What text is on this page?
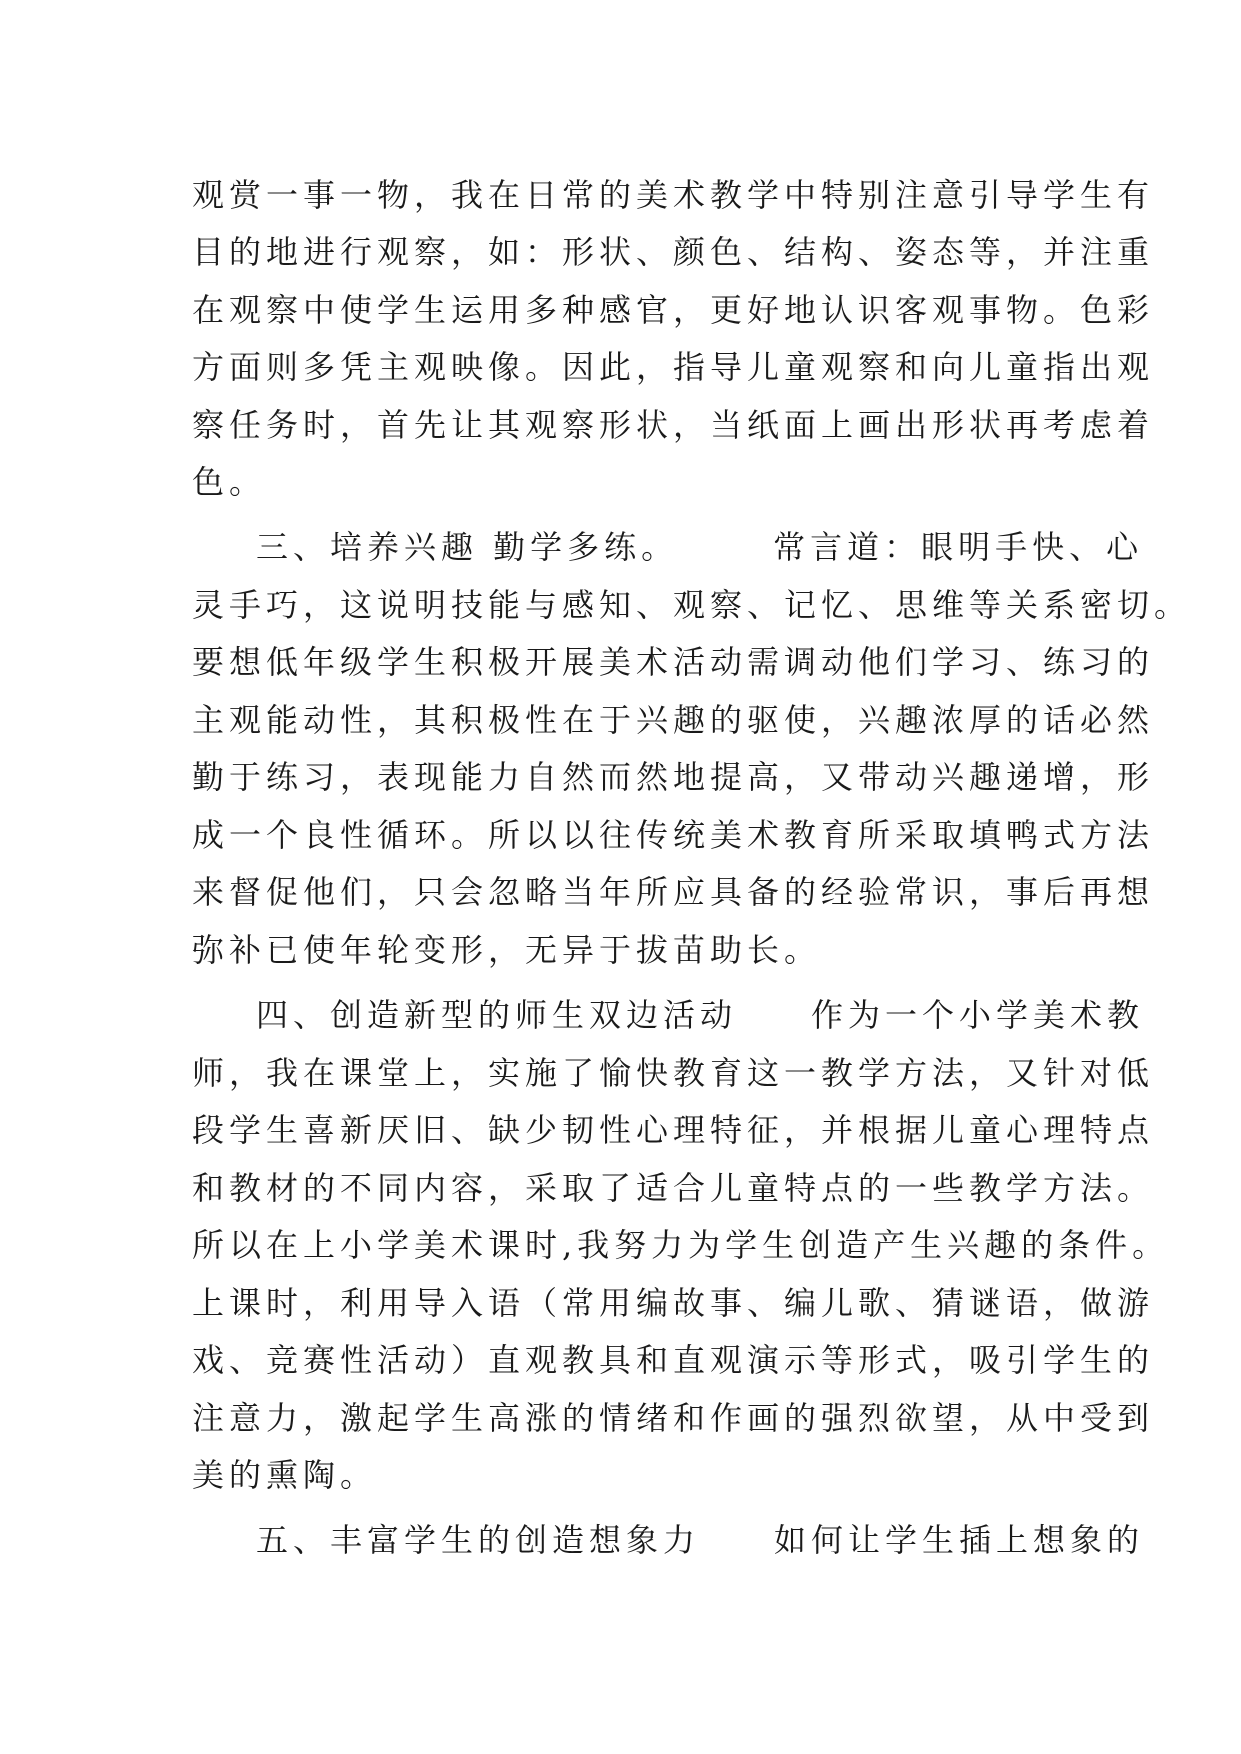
观赏一事一物，我在日常的美术教学中特别注意引导学生有
目的地进行观察，如：形状、颜色、结构、姿态等，并注重
在观察中使学生运用多种感官，更好地认识客观事物。色彩
方面则多凭主观映像。因此，指导儿童观察和向儿童指出观
察任务时，首先让其观察形状，当纸面上画出形状再考虑着
色。
三、培养兴趣 勤学多练。　　　常言道：眼明手快、心
灵手巧，这说明技能与感知、观察、记忆、思维等关系密切。
要想低年级学生积极开展美术活动需调动他们学习、练习的
主观能动性，其积极性在于兴趣的驱使，兴趣浓厚的话必然
勤于练习，表现能力自然而然地提高，又带动兴趣递增，形
成一个良性循环。所以以往传统美术教育所采取填鸭式方法
来督促他们，只会忽略当年所应具备的经验常识，事后再想
弥补已使年轮变形，无异于拔苗助长。
四、创造新型的师生双边活动　　作为一个小学美术教
师，我在课堂上，实施了愉快教育这一教学方法，又针对低
段学生喜新厌旧、缺少韧性心理特征，并根据儿童心理特点
和教材的不同内容，采取了适合儿童特点的一些教学方法。
所以在上小学美术课时,我努力为学生创造产生兴趣的条件。
上课时，利用导入语（常用编故事、编儿歌、猜谜语，做游
戏、竞赛性活动）直观教具和直观演示等形式，吸引学生的
注意力，激起学生高涨的情绪和作画的强烈欲望，从中受到
美的熏陶。
五、丰富学生的创造想象力　　如何让学生插上想象的
